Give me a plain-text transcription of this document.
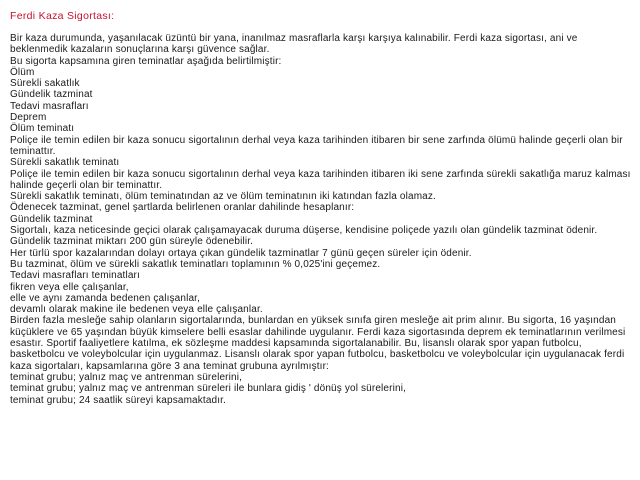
Ferdi Kaza Sigortası:

Bir kaza durumunda, yaşanılacak üzüntü bir yana, inanılmaz masraflarla karşı karşıya kalınabilir. Ferdi kaza sigortası, ani ve beklenmedik kazaların sonuçlarına karşı güvence sağlar.

Bu sigorta kapsamına giren teminatlar aşağıda belirtilmiştir:

Ölüm

Sürekli sakatlık

Gündelik tazminat

Tedavi masrafları

Deprem

Ölüm teminatı

Poliçe ile temin edilen bir kaza sonucu sigortalının derhal veya kaza tarihinden itibaren bir sene zarfında ölümü halinde geçerli olan bir teminattır.

Sürekli sakatlık teminatı

Poliçe ile temin edilen bir kaza sonucu sigortalının derhal veya kaza tarihinden itibaren iki sene zarfında sürekli sakatlığa maruz kalması halinde geçerli olan bir teminattır.

Sürekli sakatlık teminatı, ölüm teminatından az ve ölüm teminatının iki katından fazla olamaz.

Ödenecek tazminat, genel şartlarda belirlenen oranlar dahilinde hesaplanır:

Gündelik tazminat

Sigortalı, kaza neticesinde geçici olarak çalışamayacak duruma düşerse, kendisine poliçede yazılı olan gündelik tazminat ödenir.

Gündelik tazminat miktarı 200 gün süreyle ödenebilir.

Her türlü spor kazalarından dolayı ortaya çıkan gündelik tazminatlar 7 günü geçen süreler için ödenir.

Bu tazminat, ölüm ve sürekli sakatlık teminatları toplamının % 0,025'ini geçemez.

Tedavi masrafları teminatları

fikren veya elle çalışanlar,

elle ve aynı zamanda bedenen çalışanlar,

devamlı olarak makine ile bedenen veya elle çalışanlar.

Birden fazla mesleğe sahip olanların sigortalarında, bunlardan en yüksek sınıfa giren mesleğe ait prim alınır. Bu sigorta, 16 yaşından küçüklere ve 65 yaşından büyük kimselere belli esaslar dahilinde uygulanır. Ferdi kaza sigortasında deprem ek teminatlarının verilmesi esastır. Sportif faaliyetlere katılma, ek sözleşme maddesi kapsamında sigortalanabilir. Bu, lisanslı olarak spor yapan futbolcu, basketbolcu ve voleybolcular için uygulanmaz. Lisanslı olarak spor yapan futbolcu, basketbolcu ve voleybolcular için uygulanacak ferdi kaza sigortaları, kapsamlarına göre 3 ana teminat grubuna ayrılmıştır:

teminat grubu; yalnız maç ve antrenman sürelerini,

teminat grubu; yalnız maç ve antrenman süreleri ile bunlara gidiş ' dönüş yol sürelerini,

teminat grubu; 24 saatlik süreyi kapsamaktadır.
